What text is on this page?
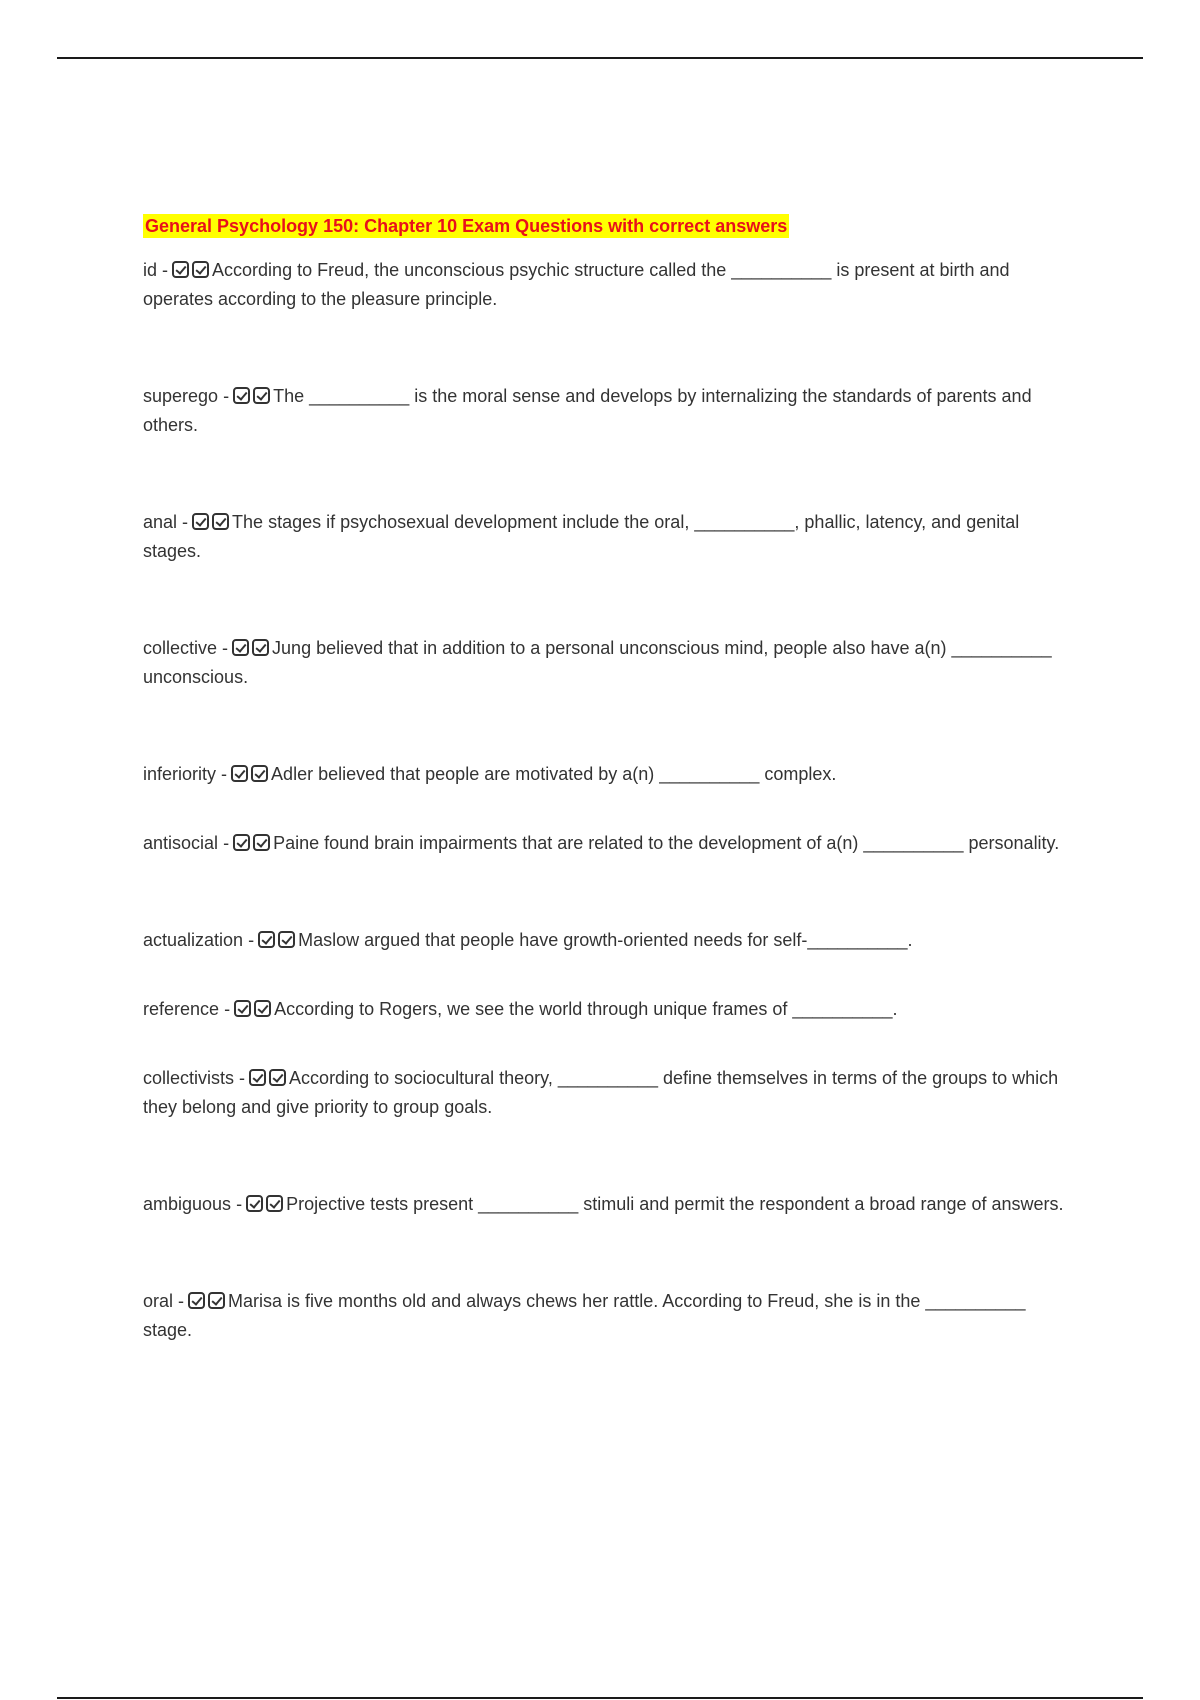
General Psychology 150: Chapter 10 Exam Questions with correct answers

id - According to Freud, the unconscious psychic structure called the __________ is present at birth and operates according to the pleasure principle.

superego - The __________ is the moral sense and develops by internalizing the standards of parents and others.

anal - The stages if psychosexual development include the oral, __________, phallic, latency, and genital stages.

collective - Jung believed that in addition to a personal unconscious mind, people also have a(n) __________ unconscious.

inferiority - Adler believed that people are motivated by a(n) __________ complex.

antisocial - Paine found brain impairments that are related to the development of a(n) __________ personality.

actualization - Maslow argued that people have growth-oriented needs for self-__________.

reference - According to Rogers, we see the world through unique frames of __________.

collectivists - According to sociocultural theory, __________ define themselves in terms of the groups to which they belong and give priority to group goals.

ambiguous - Projective tests present __________ stimuli and permit the respondent a broad range of answers.

oral - Marisa is five months old and always chews her rattle. According to Freud, she is in the __________ stage.
